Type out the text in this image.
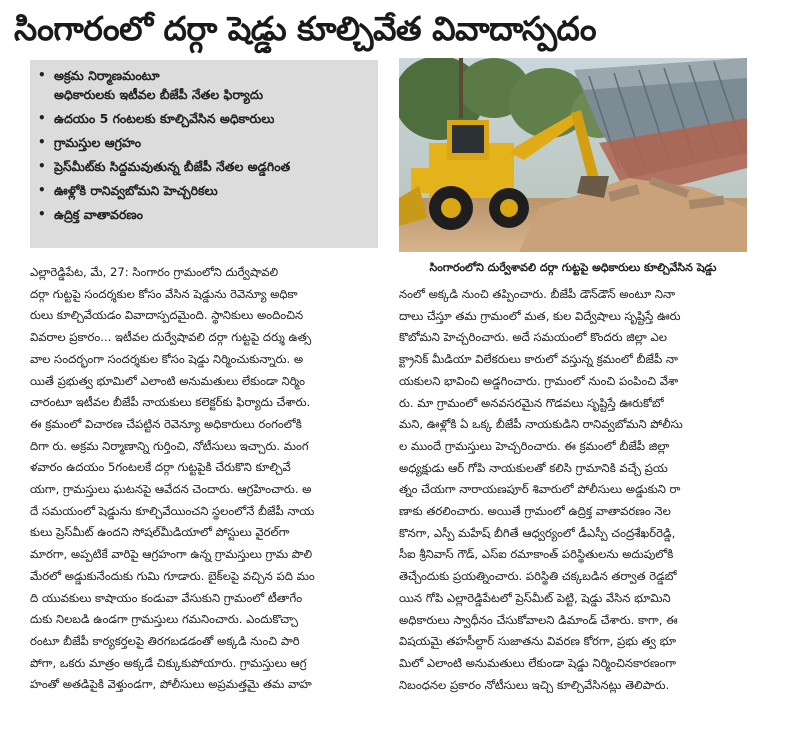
సింగారంలో దర్గా షెడ్డు కూల్చివేత వివాదాస్పదం
• అక్రమ నిర్మాణమంటూ
అధికారులకు ఇటీవల బీజేపీ నేతల ఫిర్యాదు
• ఉదయం 5 గంటలకు కూల్చివేసిన అధికారులు
• గ్రామస్తుల ఆగ్రహం
• ప్రెస్‌మీట్‌కు సిద్ధమవుతున్న బీజేపీ నేతల అడ్డగింత
• ఊళ్లోకి రానివ్వబోమని హెచ్చరికలు
• ఉద్రిక్త వాతావరణం
సింగారంలోని దుర్వేశావలి దర్గా గుట్టపై అధికారులు కూల్చివేసిన షెడ్డు
ఎల్లారెడ్డిపేట, మే, 27: సింగారం గ్రామంలోని దుర్వేషావలి
దర్గా గుట్టపై సందర్శకుల కోసం వేసిన షెడ్డును రెవెన్యూ అధికా
రులు కూల్చివేయడం వివాదాస్పదమైంది. స్థానికులు అందించిన
వివరాల ప్రకారం... ఇటీవల దుర్వేషావలి దర్గా గుట్టపై దర్శు ఉత్స
వాల సందర్భంగా సందర్శకుల కోసం షెడ్డు నిర్మించుకున్నారు. అ
యితే ప్రభుత్వ భూమిలో ఎలాంటి అనుమతులు లేకుండా నిర్మిం
చారంటూ ఇటీవల బీజేపీ నాయకులు కలెక్టర్‌కు ఫిర్యాదు చేశారు.
ఈ క్రమంలో విచారణ చేపట్టిన రెవెన్యూ అధికారులు రంగంలోకి
దిగా రు. అక్రమ నిర్మాణాన్ని గుర్తించి, నోటీసులు ఇచ్చారు. మంగ
ళవారం ఉదయం 5గంటలకే దర్గా గుట్టపైకి చేరుకొని కూల్చివే
యగా, గ్రామస్తులు ఘటనపై ఆవేదన చెందారు. ఆగ్రహించారు. అ
దే సమయంలో షెడ్డును కూల్చివేయించని స్థలంలోనే బీజేపీ నాయ
కులు ప్రెస్‌మీట్ ఉందని సోషల్‌మీడియాలో పోస్టులు వైరల్‌గా
మారగా, అప్పటికే వారిపై ఆగ్రహంగా ఉన్న గ్రామస్తులు గ్రామ పొలి
మేరలో అడ్డుకునేందుకు గుమి గూడారు. బైక్‌లపై వచ్చిన పది మం
ది యువకులు కాషాయం కండువా వేసుకుని గ్రామంలో టీతాగేం
దుకు నిలబడి ఉండగా గ్రామస్తులు గమనించారు. ఎందుకొచ్చా
రంటూ బీజేపీ కార్యకర్తలపై తిరగబడడంతో అక్కడి నుంచి పారి
పోగా, ఒకరు మాత్రం అక్కడే చిక్కుకుపోయారు. గ్రామస్తులు ఆగ్ర
హంతో అతడిపైకి వెళ్తుండగా, పోలీసులు అప్రమత్తమై తమ వాహ
నంలో అక్కడి నుంచి తప్పించారు. బీజేపీ డౌన్‌డౌన్ అంటూ నినా
దాలు చేస్తూ తమ గ్రామంలో మత, కుల విద్వేషాలు సృష్టిస్తే ఊరు
కొబోమని హెచ్చరించారు. అదే సమయంలో కొందరు జిల్లా ఎల
క్ట్రానిక్ మీడియా విలేకరులు కారులో వస్తున్న క్రమంలో బీజేపీ నా
యకులని భావించి అడ్డగించారు. గ్రామంలో నుంచి పంపించి వేశా
రు. మా గ్రామంలో అనవసరమైన గొడవలు సృష్టిస్తే ఊరుకోబో
మని, ఊళ్లోకి ఏ ఒక్క బీజేపీ నాయకుడిని రానివ్వబోమని పోలీసు
ల ముందే గ్రామస్తులు హెచ్చరించారు. ఈ క్రమంలో బీజేపీ జిల్లా
అధ్యక్షుడు ఆర్ గోపి నాయకులతో కలిసి గ్రామానికి వచ్చే ప్రయ
త్నం చేయగా నారాయణపూర్ శివారులో పోలీసులు అడ్డుకుని రా
ణాకు తరలించారు. అయితే గ్రామంలో ఉద్రిక్త వాతావరణం నెల
కొనగా, ఎస్పీ మహేష్ బీగితే ఆధ్వర్యంలో డీఎస్పీ చంద్రశేఖర్‌రెడ్డి,
సీఐ శ్రీనివాస్ గౌడ్, ఎస్ఐ రమాకాంత్ పరిస్థితులను అదుపులోకి
తెచ్చేందుకు ప్రయత్నించారు. పరిస్థితి చక్కబడిన తర్వాత రెడ్డబో
యిన గోపి ఎల్లారెడ్డిపేటలో ప్రెస్‌మీట్ పెట్టి, షెడ్డు వేసిన భూమిని
అధికారులు స్వాధీనం చేసుకోవాలని డిమాండ్ చేశారు. కాగా, ఈ
విషయమై తహసీల్దార్ సుజాతను వివరణ కోరగా, ప్రభు త్వ భూ
మిలో ఎలాంటి అనుమతులు లేకుండా షెడ్డు నిర్మించినకారణంగా
నిబంధనల ప్రకారం నోటీసులు ఇచ్చి కూల్చివేసినట్లు తెలిపారు.
